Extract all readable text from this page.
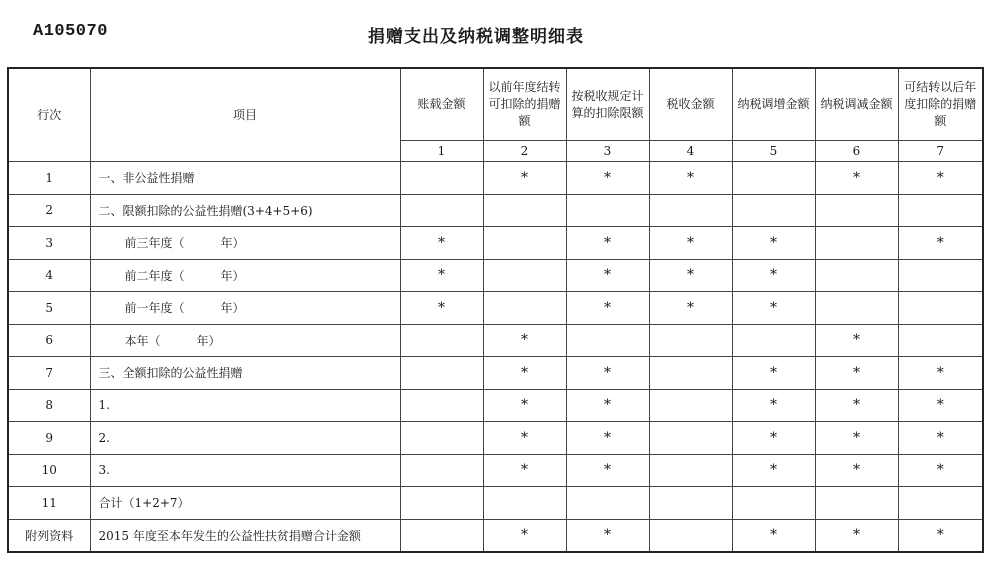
A105070	捐赠支出及纳税调整明细表
行次	项目	账载金额	以前年度结转可扣除的捐赠额	按税收规定计算的扣除限额	税收金额	纳税调增金额	纳税调减金额	可结转以后年度扣除的捐赠额
		1	2	3	4	5	6	7
1	一、非公益性捐赠		*	*	*		*	*
2	二、限额扣除的公益性捐赠(3+4+5+6)							
3	前三年度（　　　年）	*		*	*	*		*
4	前二年度（　　　年）	*		*	*	*		
5	前一年度（　　　年）	*		*	*	*		
6	本年（　　　年）		*				*	
7	三、全额扣除的公益性捐赠		*	*		*	*	*
8	1.		*	*		*	*	*
9	2.		*	*		*	*	*
10	3.		*	*		*	*	*
11	合计（1+2+7）							
附列资料	2015 年度至本年发生的公益性扶贫捐赠合计金额		*	*		*	*	*
